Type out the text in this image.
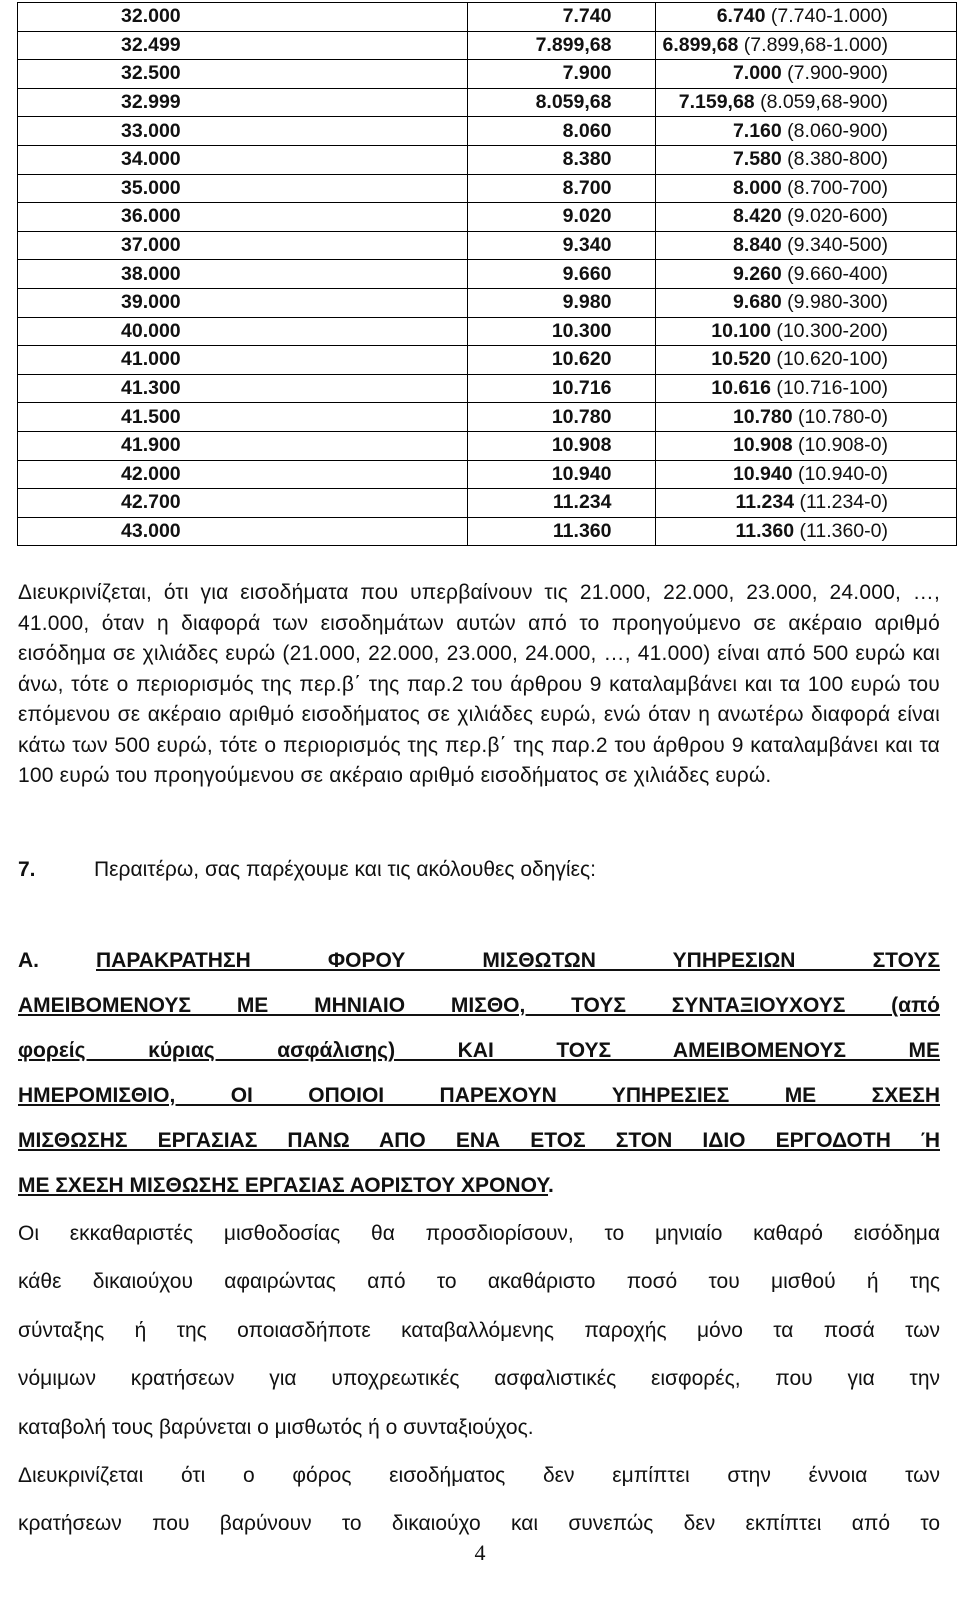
32.000	7.740	6.740 (7.740-1.000)
32.499	7.899,68	6.899,68 (7.899,68-1.000)
32.500	7.900	7.000 (7.900-900)
32.999	8.059,68	7.159,68 (8.059,68-900)
33.000	8.060	7.160 (8.060-900)
34.000	8.380	7.580 (8.380-800)
35.000	8.700	8.000 (8.700-700)
36.000	9.020	8.420 (9.020-600)
37.000	9.340	8.840 (9.340-500)
38.000	9.660	9.260 (9.660-400)
39.000	9.980	9.680 (9.980-300)
40.000	10.300	10.100 (10.300-200)
41.000	10.620	10.520 (10.620-100)
41.300	10.716	10.616 (10.716-100)
41.500	10.780	10.780 (10.780-0)
41.900	10.908	10.908 (10.908-0)
42.000	10.940	10.940 (10.940-0)
42.700	11.234	11.234 (11.234-0)
43.000	11.360	11.360 (11.360-0)
Διευκρινίζεται, ότι για εισοδήματα που υπερβαίνουν τις 21.000, 22.000, 23.000, 24.000, …, 41.000, όταν η διαφορά των εισοδημάτων αυτών από το προηγούμενο σε ακέραιο αριθμό εισόδημα σε χιλιάδες ευρώ (21.000, 22.000, 23.000, 24.000, …, 41.000) είναι από 500 ευρώ και άνω, τότε ο περιορισμός της περ.β΄ της παρ.2 του άρθρου 9 καταλαμβάνει και τα 100 ευρώ του επόμενου σε ακέραιο αριθμό εισοδήματος σε χιλιάδες ευρώ, ενώ όταν η ανωτέρω διαφορά είναι κάτω των 500 ευρώ, τότε ο περιορισμός της περ.β΄ της παρ.2 του άρθρου 9 καταλαμβάνει και τα 100 ευρώ του προηγούμενου σε ακέραιο αριθμό εισοδήματος σε χιλιάδες ευρώ.
7.	Περαιτέρω, σας παρέχουμε και τις ακόλουθες οδηγίες:
Α.	ΠΑΡΑΚΡΑΤΗΣΗ ΦΟΡΟΥ ΜΙΣΘΩΤΩΝ ΥΠΗΡΕΣΙΩΝ ΣΤΟΥΣ
ΑΜΕΙΒΟΜΕΝΟΥΣ ΜΕ ΜΗΝΙΑΙΟ ΜΙΣΘΟ, ΤΟΥΣ ΣΥΝΤΑΞΙΟΥΧΟΥΣ (από
φορείς κύριας ασφάλισης) ΚΑΙ ΤΟΥΣ ΑΜΕΙΒΟΜΕΝΟΥΣ ΜΕ
ΗΜΕΡΟΜΙΣΘΙΟ, ΟΙ ΟΠΟΙΟΙ ΠΑΡΕΧΟΥΝ ΥΠΗΡΕΣΙΕΣ ΜΕ ΣΧΕΣΗ
ΜΙΣΘΩΣΗΣ ΕΡΓΑΣΙΑΣ ΠΑΝΩ ΑΠΟ ΕΝΑ ΕΤΟΣ ΣΤΟΝ ΙΔΙΟ ΕΡΓΟΔΟΤΗ Ή
ΜΕ ΣΧΕΣΗ ΜΙΣΘΩΣΗΣ ΕΡΓΑΣΙΑΣ ΑΟΡΙΣΤΟΥ ΧΡΟΝΟΥ.
Οι εκκαθαριστές μισθοδοσίας θα προσδιορίσουν, το μηνιαίο καθαρό εισόδημα
κάθε δικαιούχου αφαιρώντας από το ακαθάριστο ποσό του μισθού ή της
σύνταξης ή της οποιασδήποτε καταβαλλόμενης παροχής μόνο τα ποσά των
νόμιμων κρατήσεων για υποχρεωτικές ασφαλιστικές εισφορές, που για την
καταβολή τους βαρύνεται ο μισθωτός ή ο συνταξιούχος.
Διευκρινίζεται ότι ο φόρος εισοδήματος δεν εμπίπτει στην έννοια των
κρατήσεων που βαρύνουν το δικαιούχο και συνεπώς δεν εκπίπτει από το
4
